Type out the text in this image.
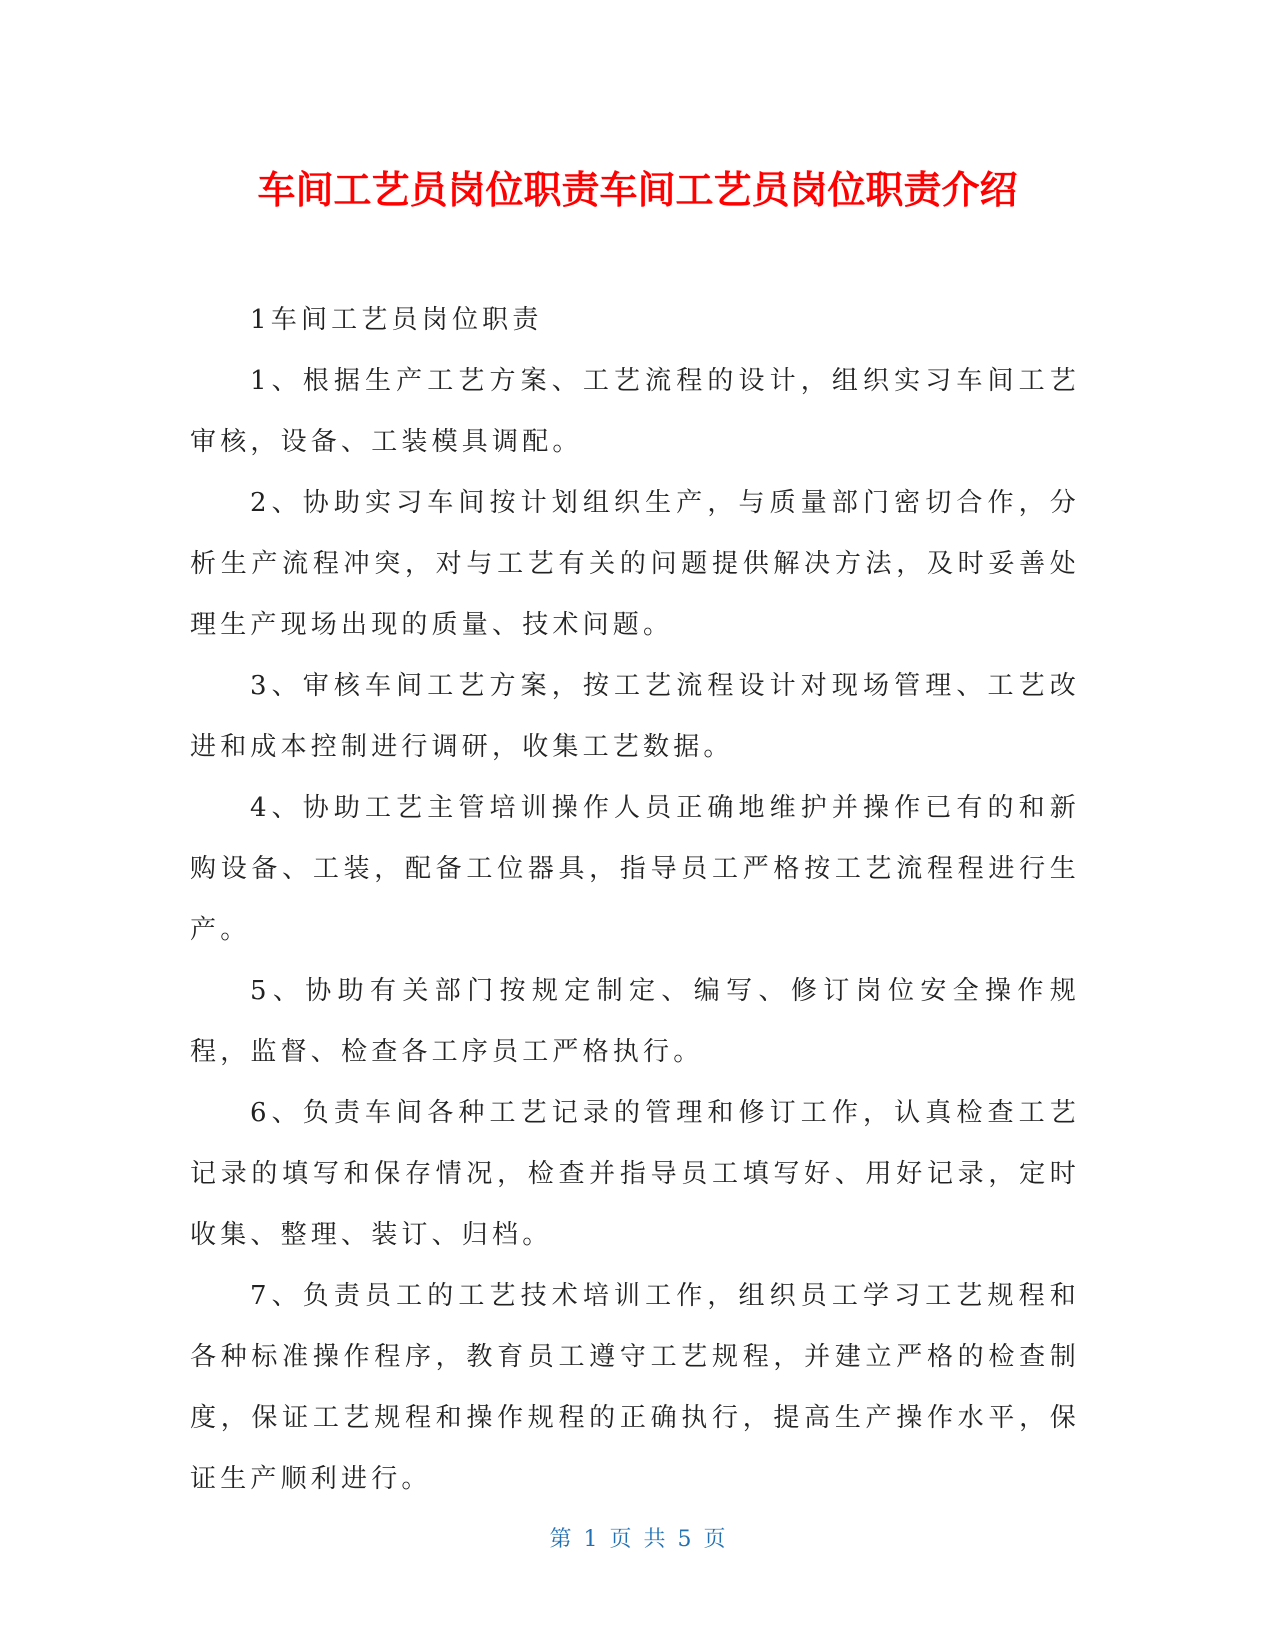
车间工艺员岗位职责车间工艺员岗位职责介绍

1车间工艺员岗位职责

1、根据生产工艺方案、工艺流程的设计，组织实习车间工艺审核，设备、工装模具调配。

2、协助实习车间按计划组织生产，与质量部门密切合作，分析生产流程冲突，对与工艺有关的问题提供解决方法，及时妥善处理生产现场出现的质量、技术问题。

3、审核车间工艺方案，按工艺流程设计对现场管理、工艺改进和成本控制进行调研，收集工艺数据。

4、协助工艺主管培训操作人员正确地维护并操作已有的和新购设备、工装，配备工位器具，指导员工严格按工艺流程程进行生产。

5、协助有关部门按规定制定、编写、修订岗位安全操作规程，监督、检查各工序员工严格执行。

6、负责车间各种工艺记录的管理和修订工作，认真检查工艺记录的填写和保存情况，检查并指导员工填写好、用好记录，定时收集、整理、装订、归档。

7、负责员工的工艺技术培训工作，组织员工学习工艺规程和各种标准操作程序，教育员工遵守工艺规程，并建立严格的检查制度，保证工艺规程和操作规程的正确执行，提高生产操作水平，保证生产顺利进行。

第 1 页 共 5 页
